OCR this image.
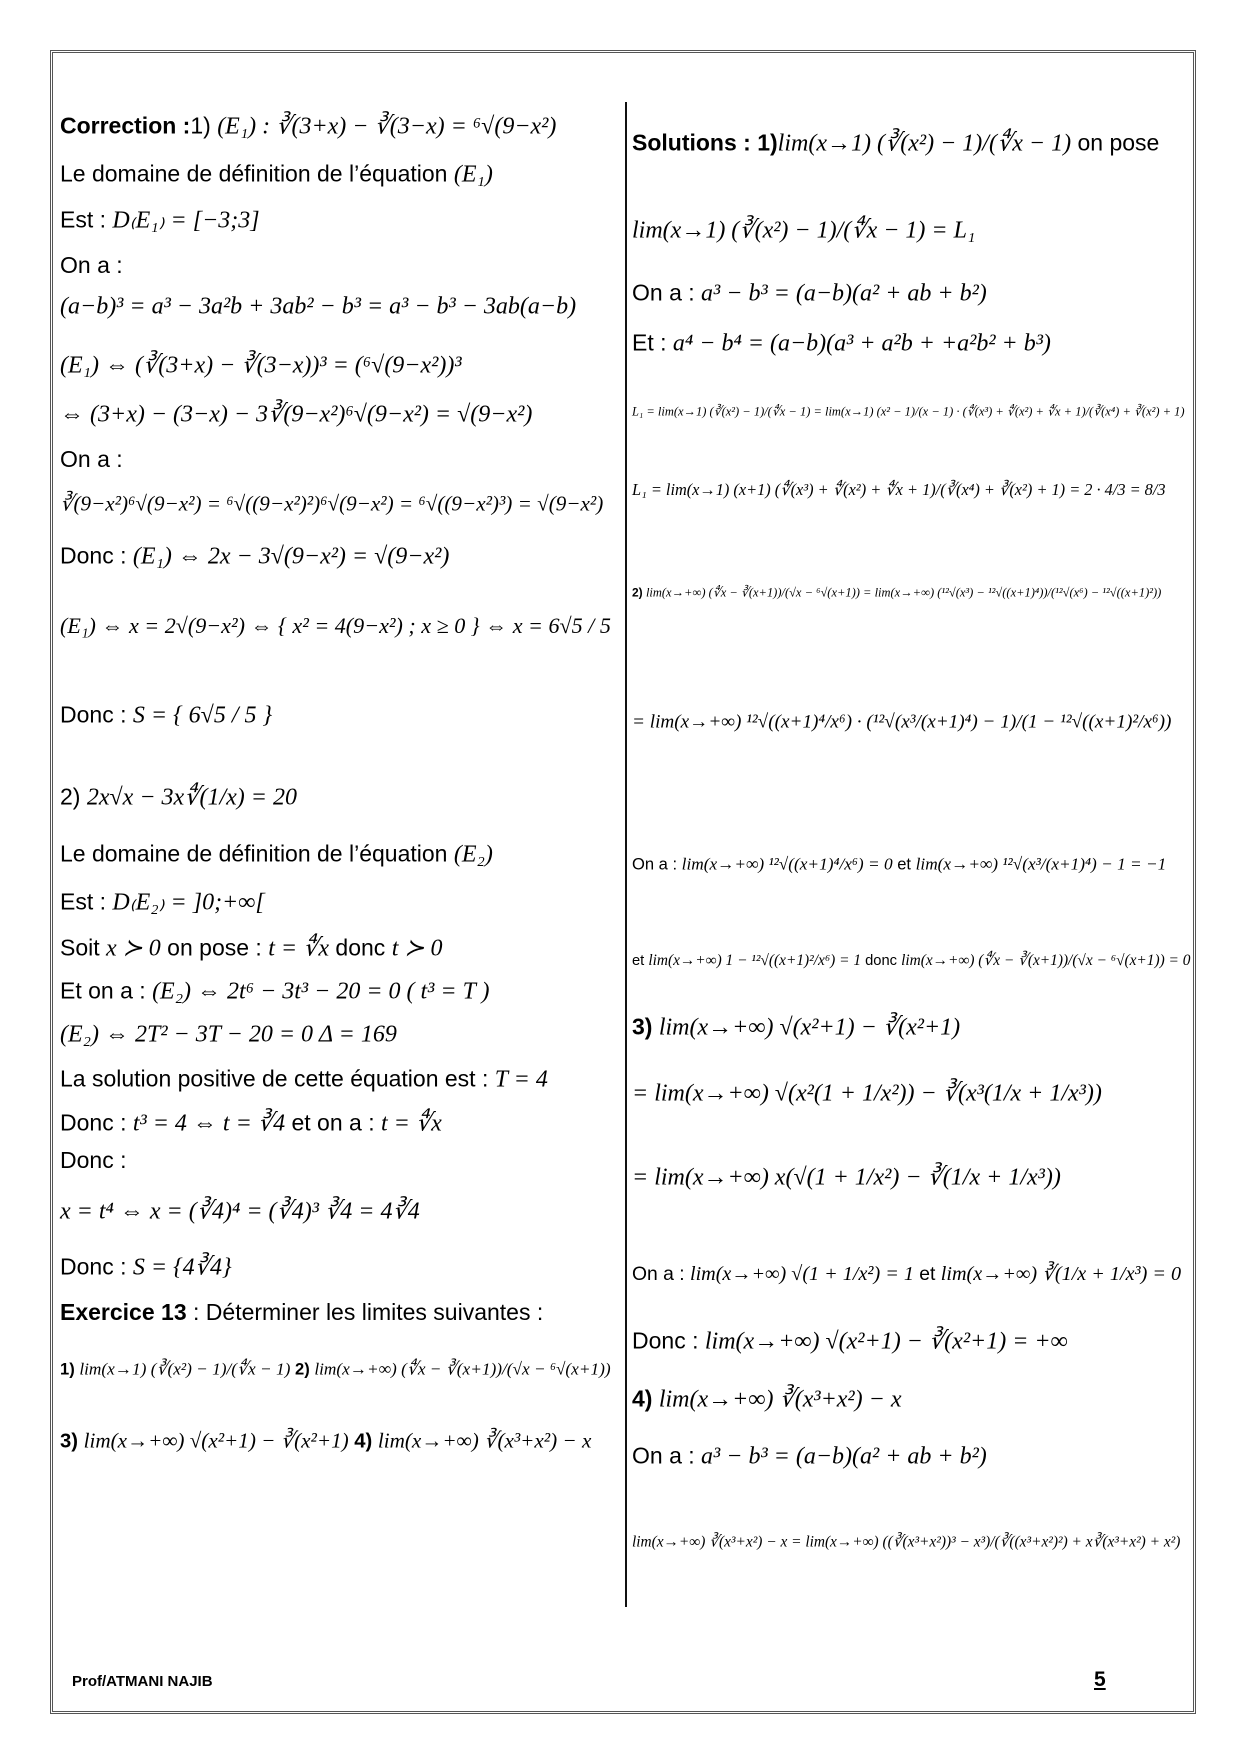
Correction :1) (E₁) : ∛(3+x) − ∛(3−x) = ⁶√(9−x²)
Le domaine de définition de l’équation (E₁)
Est : D₍E₁₎ = [−3;3]
On a :
(a−b)³ = a³ − 3a²b + 3ab² − b³ = a³ − b³ − 3ab(a−b)
(E₁) ⇔ (∛(3+x) − ∛(3−x))³ = (⁶√(9−x²))³
⇔ (3+x) − (3−x) − 3∛(9−x²)⁶√(9−x²) = √(9−x²)
On a :
∛(9−x²)⁶√(9−x²) = ⁶√((9−x²)²)⁶√(9−x²) = ⁶√((9−x²)³) = √(9−x²)
Donc : (E₁) ⇔ 2x − 3√(9−x²) = √(9−x²)
(E₁) ⇔ x = 2√(9−x²) ⇔ { x² = 4(9−x²) ; x ≥ 0 } ⇔ x = 6√5 / 5
Donc : S = { 6√5 / 5 }
2) 2x√x − 3x∜(1/x) = 20
Le domaine de définition de l’équation (E₂)
Est : D₍E₂₎ = ]0;+∞[
Soit x ≻ 0 on pose : t = ∜x donc t ≻ 0
Et on a : (E₂) ⇔ 2t⁶ − 3t³ − 20 = 0 ( t³ = T )
(E₂) ⇔ 2T² − 3T − 20 = 0 Δ = 169
La solution positive de cette équation est : T = 4
Donc : t³ = 4 ⇔ t = ∛4 et on a : t = ∜x
Donc :
x = t⁴ ⇔ x = (∛4)⁴ = (∛4)³ ∛4 = 4∛4
Donc : S = {4∛4}
Exercice 13 : Déterminer les limites suivantes :
1) lim(x→1) (∛(x²) − 1)/(∜x − 1) 2) lim(x→+∞) (∜x − ∛(x+1))/(√x − ⁶√(x+1))
3) lim(x→+∞) √(x²+1) − ∛(x²+1) 4) lim(x→+∞) ∛(x³+x²) − x
Solutions : 1)lim(x→1) (∛(x²) − 1)/(∜x − 1) on pose
lim(x→1) (∛(x²) − 1)/(∜x − 1) = L₁
On a : a³ − b³ = (a−b)(a² + ab + b²)
Et : a⁴ − b⁴ = (a−b)(a³ + a²b + +a²b² + b³)
L₁ = lim(x→1) (∛(x²) − 1)/(∜x − 1) = lim(x→1) (x² − 1)/(x − 1) · (∜(x³) + ∜(x²) + ∜x + 1)/(∛(x⁴) + ∛(x²) + 1)
L₁ = lim(x→1) (x+1) (∜(x³) + ∜(x²) + ∜x + 1)/(∛(x⁴) + ∛(x²) + 1) = 2 · 4/3 = 8/3
2) lim(x→+∞) (∜x − ∛(x+1))/(√x − ⁶√(x+1)) = lim(x→+∞) (¹²√(x³) − ¹²√((x+1)⁴))/(¹²√(x⁶) − ¹²√((x+1)²))
= lim(x→+∞) ¹²√((x+1)⁴/x⁶) · (¹²√(x³/(x+1)⁴) − 1)/(1 − ¹²√((x+1)²/x⁶))
On a : lim(x→+∞) ¹²√((x+1)⁴/x⁶) = 0 et lim(x→+∞) ¹²√(x³/(x+1)⁴) − 1 = −1
et lim(x→+∞) 1 − ¹²√((x+1)²/x⁶) = 1 donc lim(x→+∞) (∜x − ∛(x+1))/(√x − ⁶√(x+1)) = 0
3) lim(x→+∞) √(x²+1) − ∛(x²+1)
= lim(x→+∞) √(x²(1 + 1/x²)) − ∛(x³(1/x + 1/x³))
= lim(x→+∞) x(√(1 + 1/x²) − ∛(1/x + 1/x³))
On a : lim(x→+∞) √(1 + 1/x²) = 1 et lim(x→+∞) ∛(1/x + 1/x³) = 0
Donc : lim(x→+∞) √(x²+1) − ∛(x²+1) = +∞
4) lim(x→+∞) ∛(x³+x²) − x
On a : a³ − b³ = (a−b)(a² + ab + b²)
lim(x→+∞) ∛(x³+x²) − x = lim(x→+∞) ((∛(x³+x²))³ − x³)/(∛((x³+x²)²) + x∛(x³+x²) + x²)
Prof/ATMANI NAJIB	5
